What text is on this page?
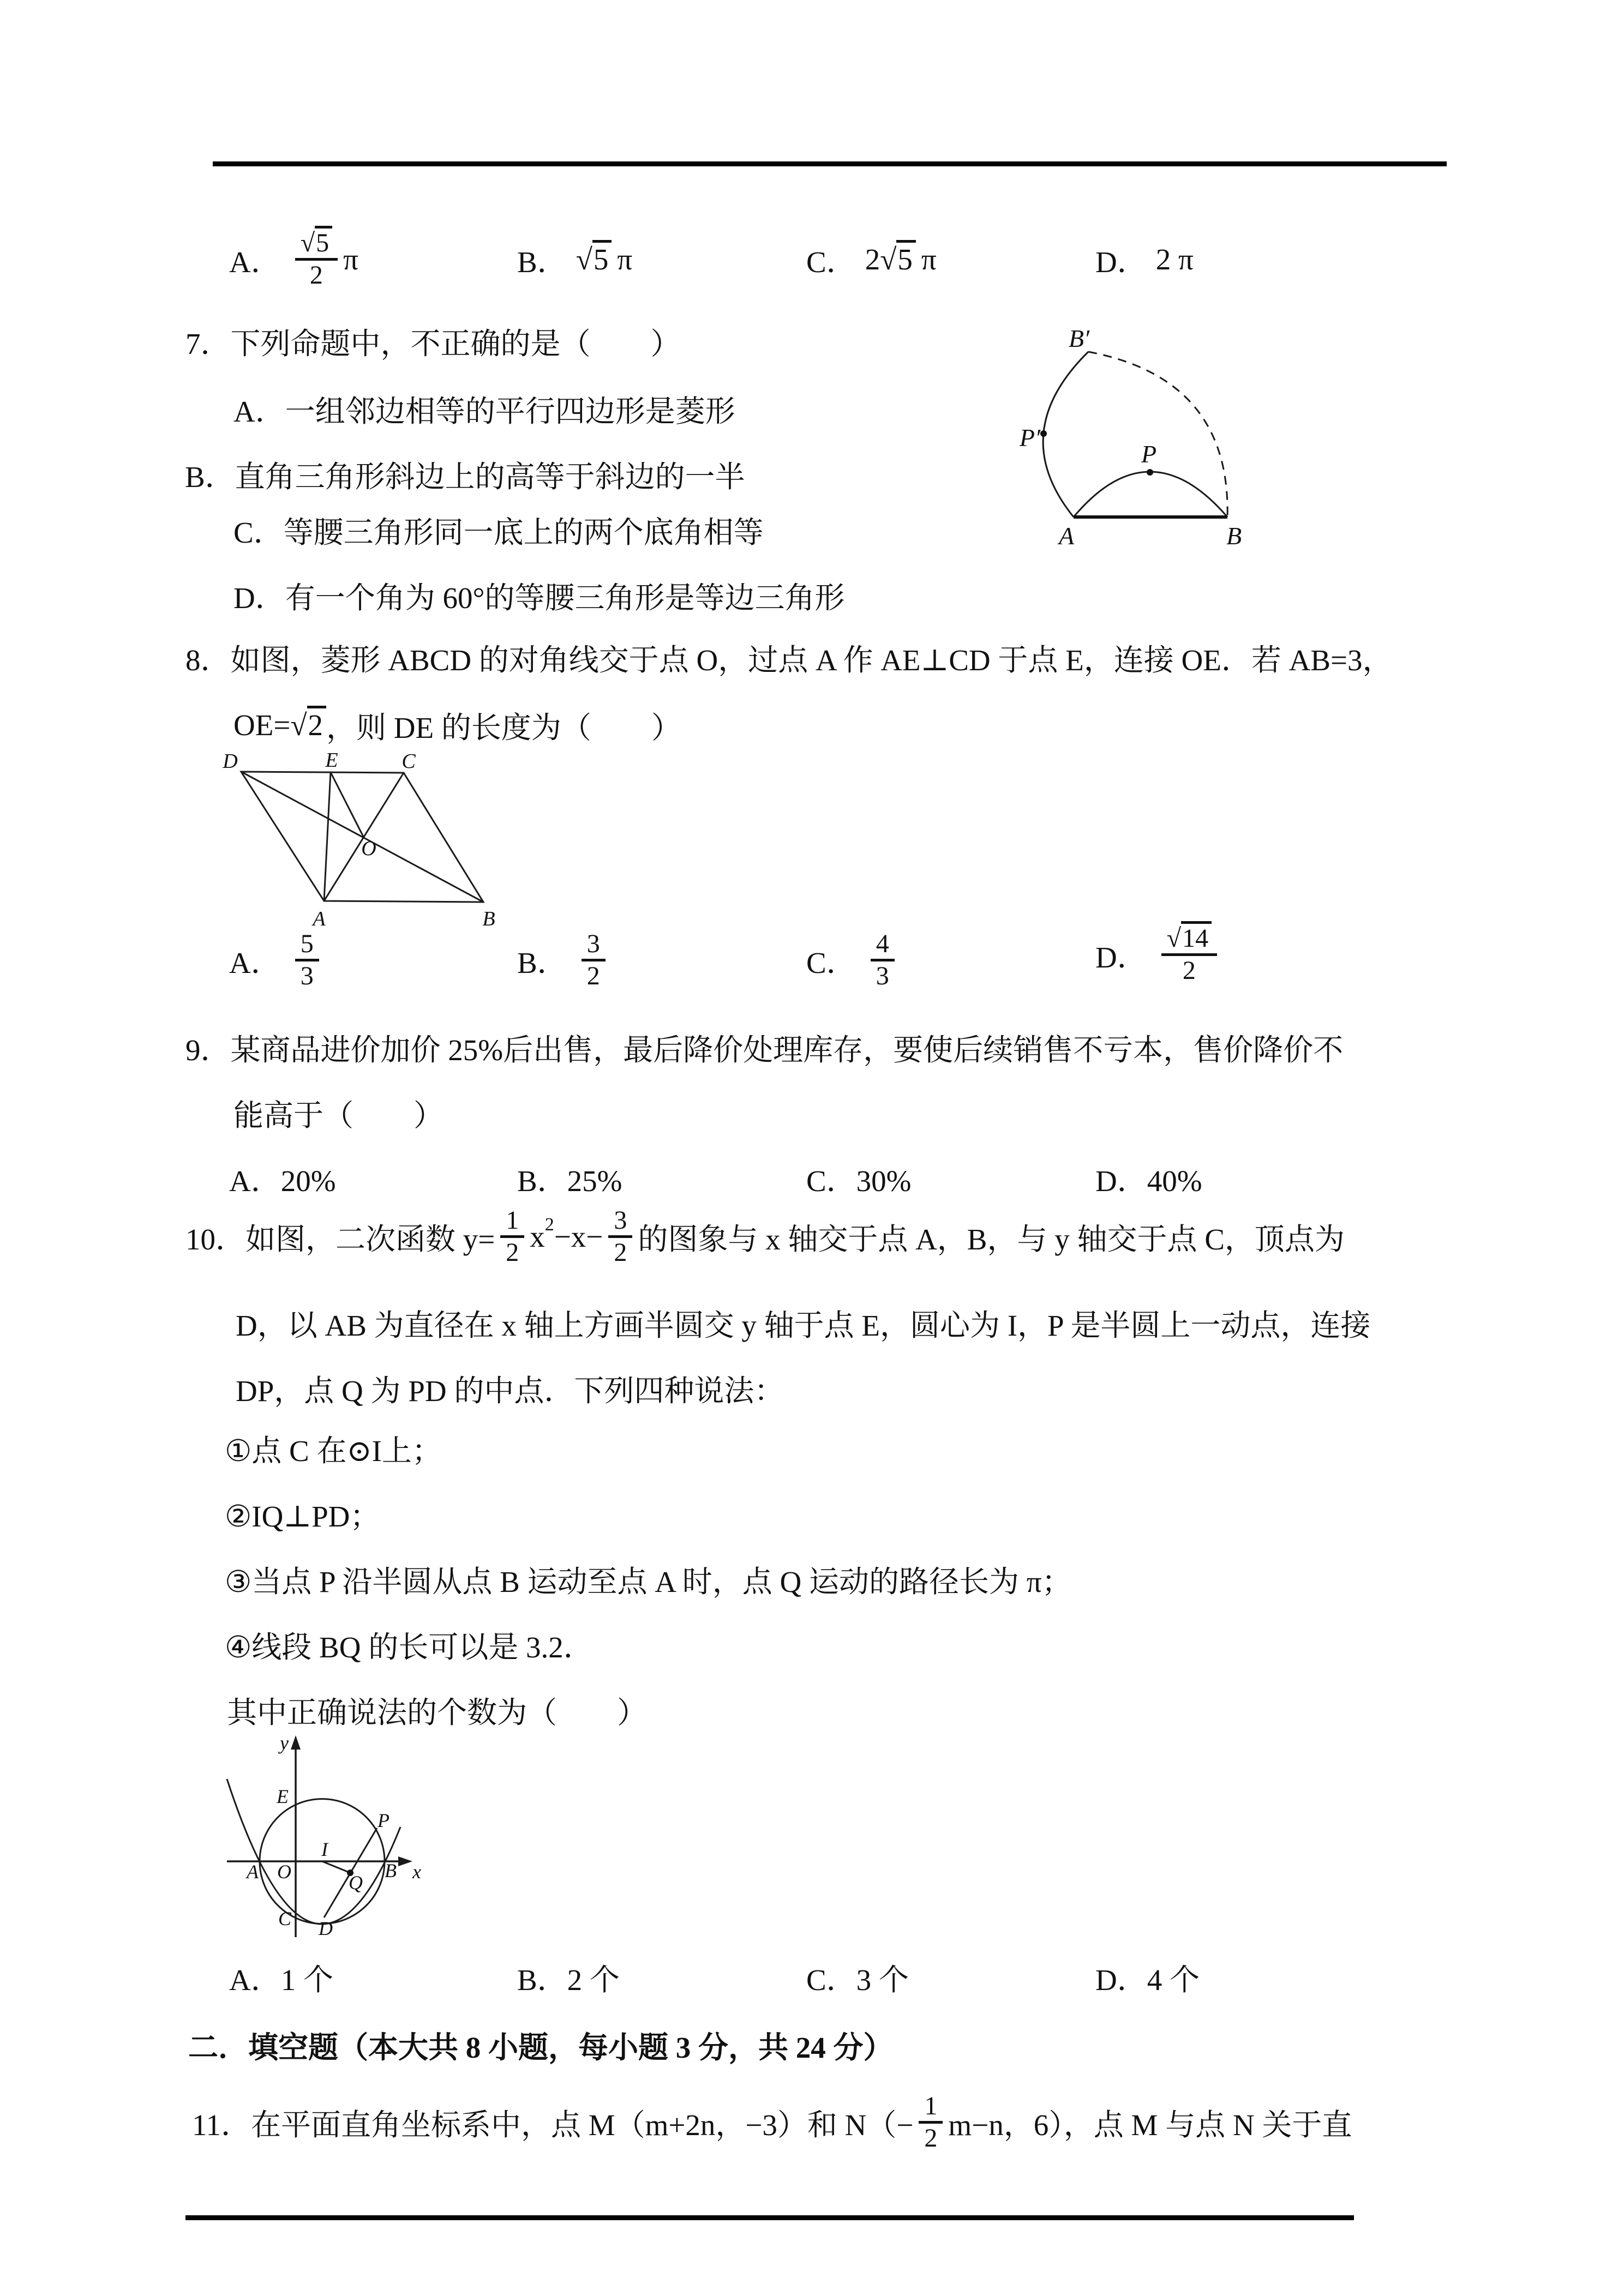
A． $\frac{√5}{2}$ π	B． √5 π	C． 2 √5 π	D． 2 π
7．下列命题中，不正确的是（　　）
A．一组邻边相等的平行四边形是菱形
B．直角三角形斜边上的高等于斜边的一半
C．等腰三角形同一底上的两个底角相等
D．有一个角为 60°的等腰三角形是等边三角形
B′
P′
P
A	B
8．如图，菱形 ABCD 的对角线交于点 O，过点 A 作 AE⊥CD 于点 E，连接 OE．若 AB=3，
OE= √2 ，则 DE 的长度为（　　）
D	E	C
A	B
O
A． $\frac{5}{3}$	B． $\frac{3}{2}$	C． $\frac{4}{3}$	D． $\frac{√14}{2}$
9．某商品进价加价 25%后出售，最后降价处理库存，要使后续销售不亏本，售价降价不
能高于（　　）
A．20%	B．25%	C．30%	D．40%
10．如图，二次函数 $y= \frac{1}{2}$ x $2 -x- \frac{3}{2}$ 的图象与 x 轴交于点 A，B，与 y 轴交于点 C，顶点为
D，以 AB 为直径在 x 轴上方画半圆交 y 轴于点 E，圆心为 I，P 是半圆上一动点，连接
DP，点 Q 为 PD 的中点．下列四种说法：
①点 C 在⊙I上；
②IQ⊥PD；
③当点 P 沿半圆从点 B 运动至点 A 时，点 Q 运动的路径长为 π；
④线段 BQ 的长可以是 3.2．
其中正确说法的个数为（　　）
y
E
P
I
A O	B x
Q
C D
A．1 个	B．2 个	C．3 个	D．4 个
二．填空题（本大共 8 小题，每小题 3 分，共 24 分）
11．在平面直角坐标系中，点 M（m+2n，−3）和 $N(- \frac{1}{2} m-n$，6），点 M 与点 N 关于直
